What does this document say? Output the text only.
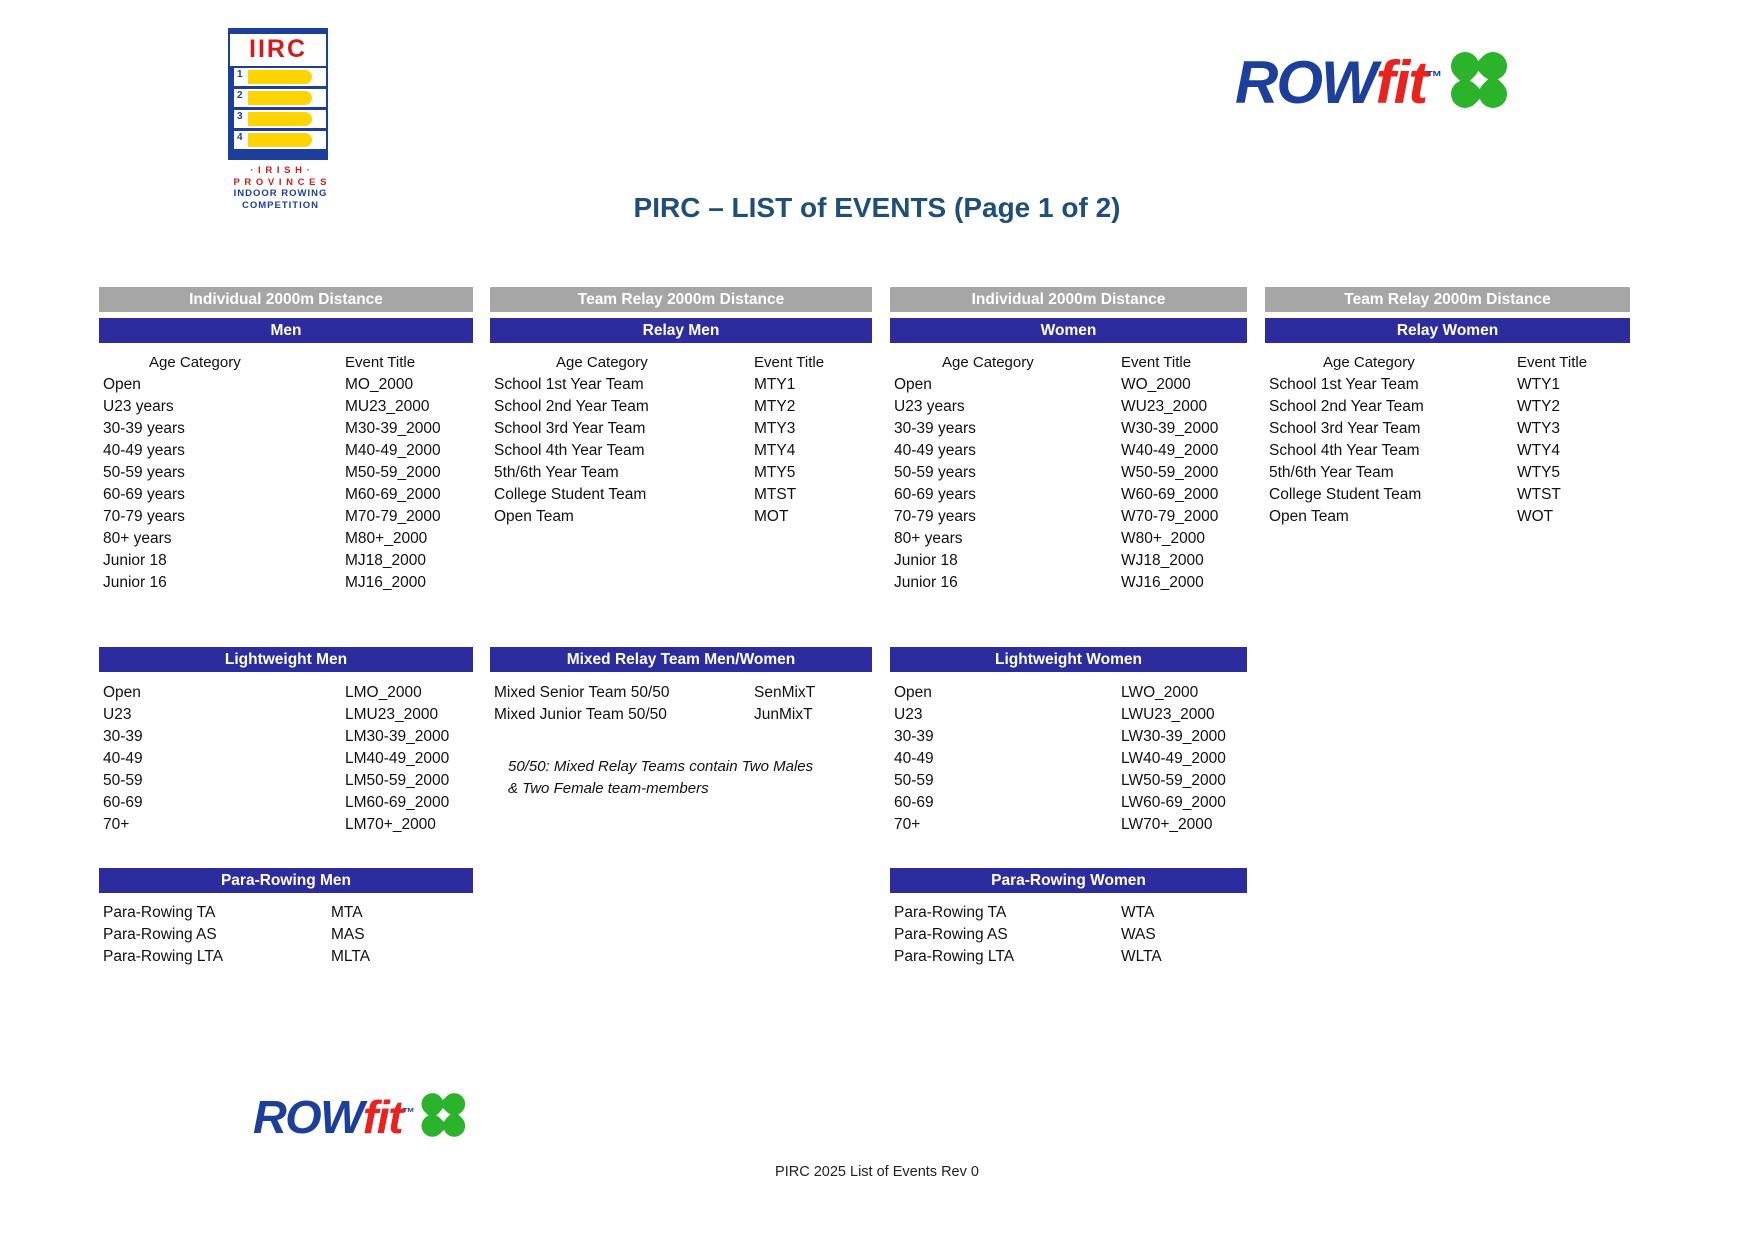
IIRC
1
2
3
4
· I R I S H ·
P R O V I N C E S
INDOOR ROWING
COMPETITION
ROWfit™
PIRC – LIST of EVENTS (Page 1 of 2)
Individual 2000m Distance
Men
Age Category	Event Title
Open	MO_2000
U23 years	MU23_2000
30-39 years	M30-39_2000
40-49 years	M40-49_2000
50-59 years	M50-59_2000
60-69 years	M60-69_2000
70-79 years	M70-79_2000
80+ years	M80+_2000
Junior 18	MJ18_2000
Junior 16	MJ16_2000
Team Relay 2000m Distance
Relay Men
Age Category	Event Title
School 1st Year Team	MTY1
School 2nd Year Team	MTY2
School 3rd Year Team	MTY3
School 4th Year Team	MTY4
5th/6th Year Team	MTY5
College Student Team	MTST
Open Team	MOT
Individual 2000m Distance
Women
Age Category	Event Title
Open	WO_2000
U23 years	WU23_2000
30-39 years	W30-39_2000
40-49 years	W40-49_2000
50-59 years	W50-59_2000
60-69 years	W60-69_2000
70-79 years	W70-79_2000
80+ years	W80+_2000
Junior 18	WJ18_2000
Junior 16	WJ16_2000
Team Relay 2000m Distance
Relay Women
Age Category	Event Title
School 1st Year Team	WTY1
School 2nd Year Team	WTY2
School 3rd Year Team	WTY3
School 4th Year Team	WTY4
5th/6th Year Team	WTY5
College Student Team	WTST
Open Team	WOT
Lightweight Men
Open	LMO_2000
U23	LMU23_2000
30-39	LM30-39_2000
40-49	LM40-49_2000
50-59	LM50-59_2000
60-69	LM60-69_2000
70+	LM70+_2000
Mixed Relay Team Men/Women
Mixed Senior Team 50/50	SenMixT
Mixed Junior Team 50/50	JunMixT
50/50: Mixed Relay Teams contain Two Males
& Two Female team-members
Lightweight Women
Open	LWO_2000
U23	LWU23_2000
30-39	LW30-39_2000
40-49	LW40-49_2000
50-59	LW50-59_2000
60-69	LW60-69_2000
70+	LW70+_2000
Para-Rowing Men
Para-Rowing TA	MTA
Para-Rowing AS	MAS
Para-Rowing LTA	MLTA
Para-Rowing Women
Para-Rowing TA	WTA
Para-Rowing AS	WAS
Para-Rowing LTA	WLTA
ROWfit™
PIRC 2025 List of Events Rev 0
